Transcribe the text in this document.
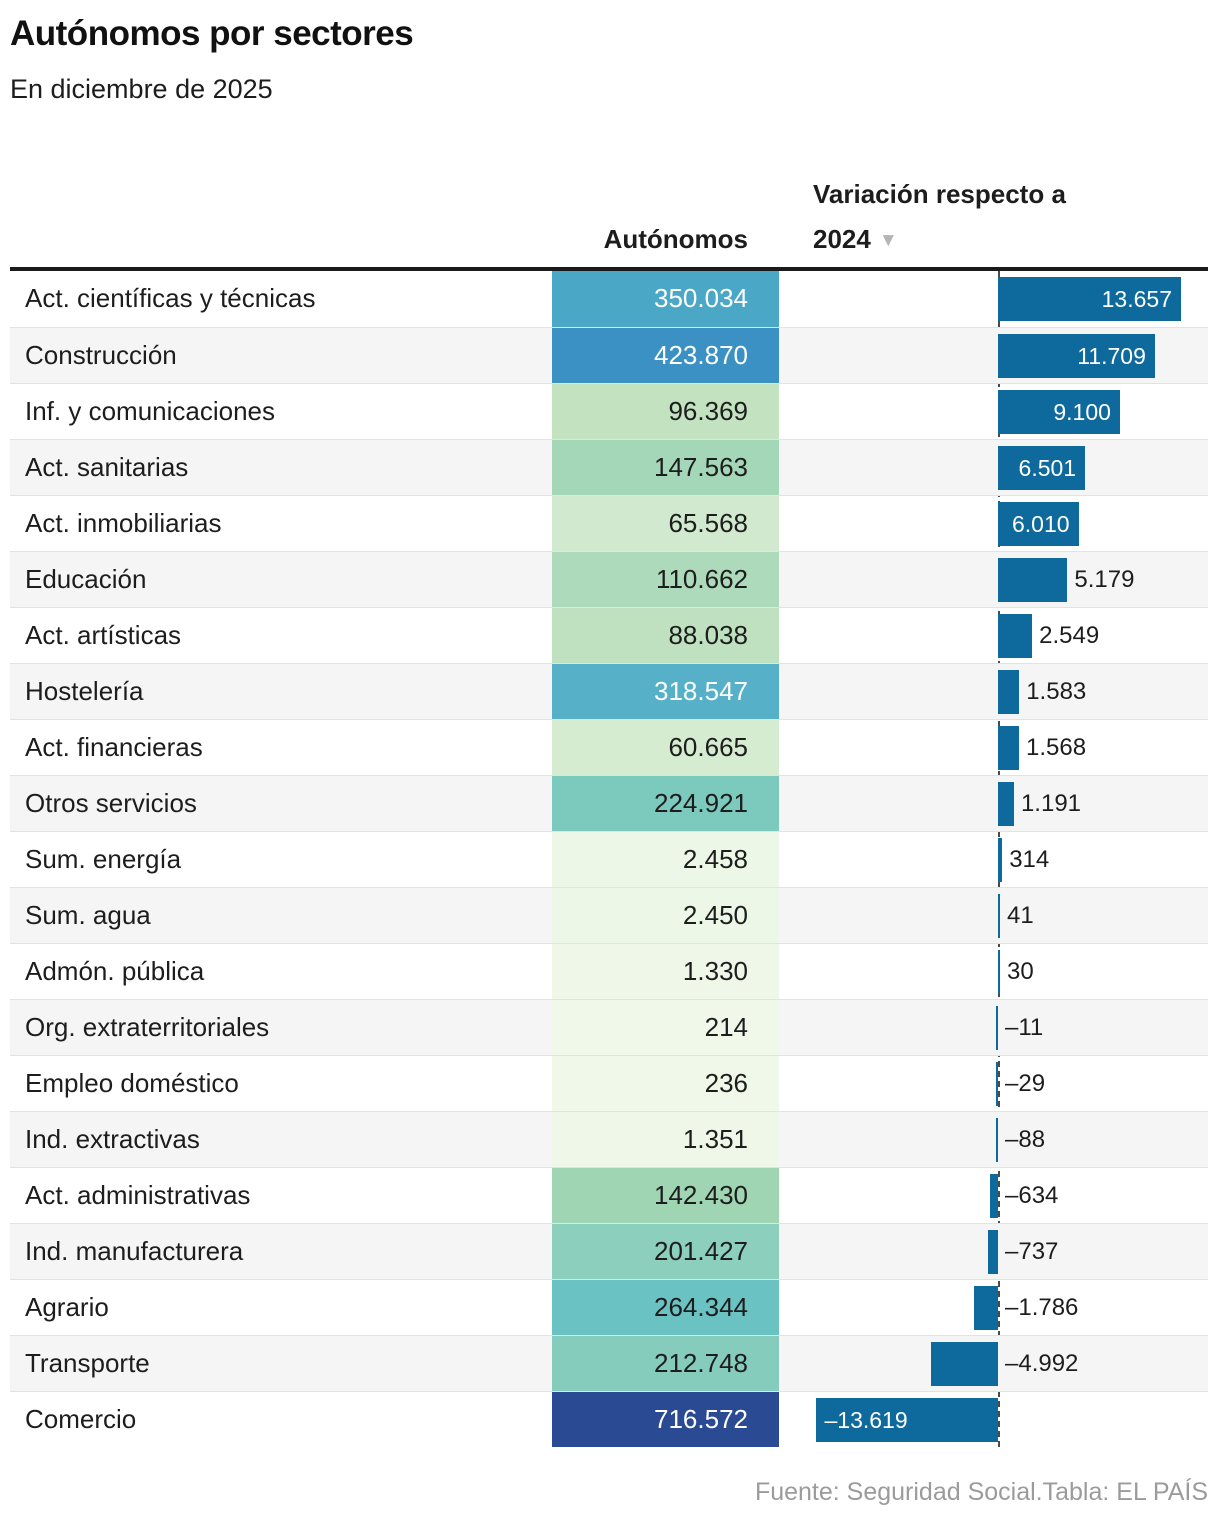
Autónomos por sectores
En diciembre de 2025
Autónomos
Variación respecto a
2024 ▼
Act. científicas y técnicas	350.034	13.657
Construcción	423.870	11.709
Inf. y comunicaciones	96.369	9.100
Act. sanitarias	147.563	6.501
Act. inmobiliarias	65.568	6.010
Educación	110.662	5.179
Act. artísticas	88.038	2.549
Hostelería	318.547	1.583
Act. financieras	60.665	1.568
Otros servicios	224.921	1.191
Sum. energía	2.458	314
Sum. agua	2.450	41
Admón. pública	1.330	30
Org. extraterritoriales	214	–11
Empleo doméstico	236	–29
Ind. extractivas	1.351	–88
Act. administrativas	142.430	–634
Ind. manufacturera	201.427	–737
Agrario	264.344	–1.786
Transporte	212.748	–4.992
Comercio	716.572	–13.619
Fuente: Seguridad Social.Tabla: EL PAÍS
